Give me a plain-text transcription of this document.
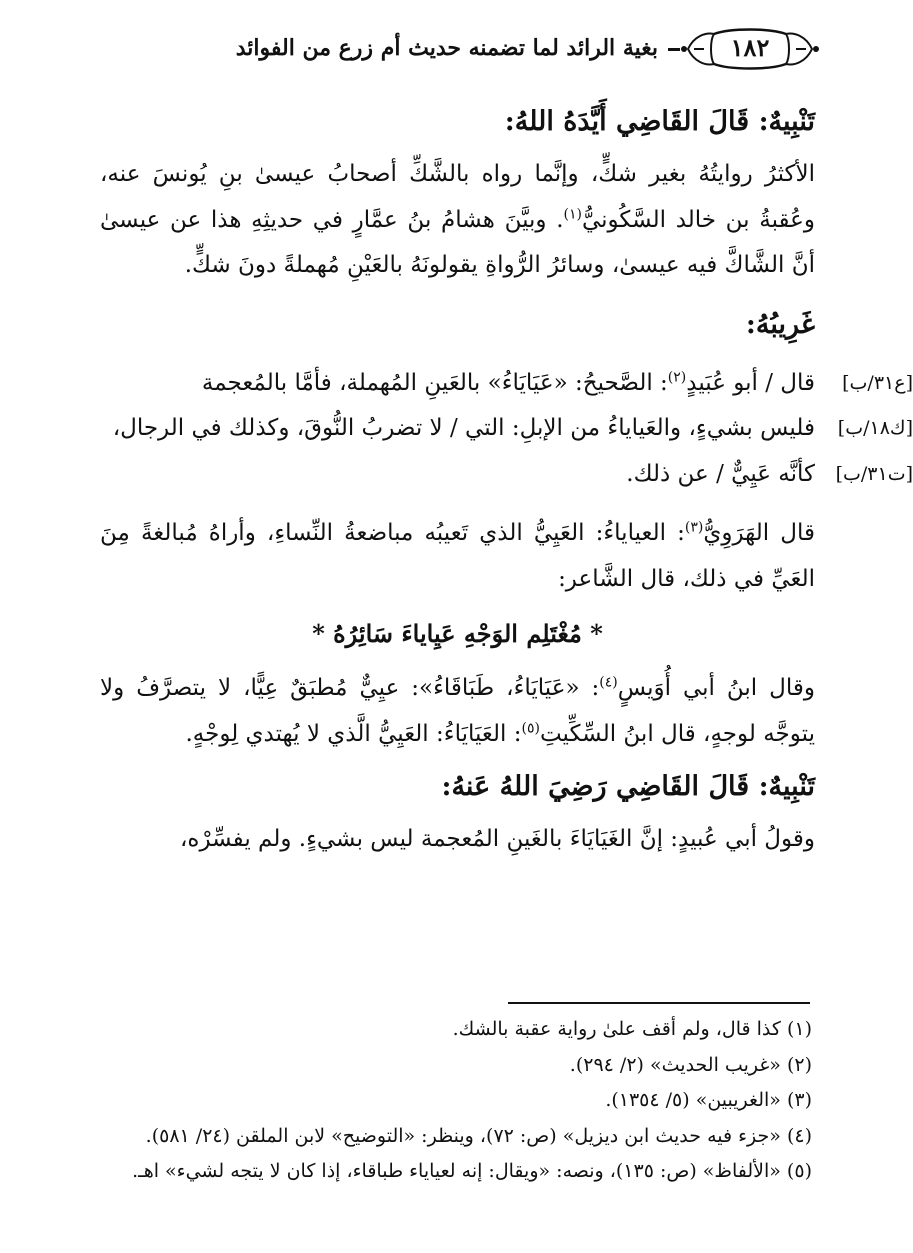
١٨٢
بغية الرائد لما تضمنه حديث أم زرع من الفوائد

تَنْبِيهٌ: قَالَ القَاضِي أَيَّدَهُ اللهُ:

الأكثرُ روايتُهُ بغير شكٍّ، وإنَّما رواه بالشَّكِّ أصحابُ عيسىٰ بنِ يُونسَ عنه، وعُقبةُ بن خالد السَّكُونيُّ$^{(١)}$. وبيَّنَ هشامُ بنُ عمَّارٍ في حديثِهِ هذا عن عيسىٰ أنَّ الشَّاكَّ فيه عيسىٰ، وسائرُ الرُّواةِ يقولونَهُ بالعَيْنِ مُهملةً دونَ شكٍّ.

غَرِيبُهُ:

[ع٣١/ب]
قال / أبو عُبَيدٍ$^{(٢)}$: الصَّحيحُ: «عَيَايَاءُ» بالعَينِ المُهملة، فأمَّا بالمُعجمة

[ك١٨/ب]
فليس بشيءٍ، والعَياياءُ من الإبلِ: التي / لا تضربُ النُّوقَ، وكذلك في الرجال،

[ت٣١/ب]
كأنَّه عَيِيٌّ / عن ذلك.

قال الهَرَوِيُّ$^{(٣)}$: العياياءُ: العَيِيُّ الذي تَعيبُه مباضعةُ النِّساءِ، وأراهُ مُبالغةً مِنَ العَيِّ في ذلك، قال الشَّاعر:

* مُغْتَلِم الوَجْهِ عَيِاياءَ سَائِرُهُ *

وقال ابنُ أبي أُوَيسٍ$^{(٤)}$: «عَيَايَاءُ، طَبَاقَاءُ»: عيِيٌّ مُطبَقٌ عِيًّا، لا يتصرَّفُ ولا يتوجَّه لوجهٍ، قال ابنُ السِّكِّيتِ$^{(٥)}$: العَيَايَاءُ: العَيِيُّ الَّذي لا يُهتدي لِوجْهٍ.

تَنْبِيهٌ: قَالَ القَاضِي رَضِيَ اللهُ عَنهُ:

وقولُ أبي عُبيدٍ: إنَّ الغَيَايَاءَ بالغَينِ المُعجمة ليس بشيءٍ. ولم يفسِّرْه،

(١) كذا قال، ولم أقف علىٰ رواية عقبة بالشك.

(٢) «غريب الحديث» (٢/ ٢٩٤).

(٣) «الغريبين» (٥/ ١٣٥٤).

(٤) «جزء فيه حديث ابن ديزيل» (ص: ٧٢)، وينظر: «التوضيح» لابن الملقن (٢٤/ ٥٨١).

(٥) «الألفاظ» (ص: ١٣٥)، ونصه: «ويقال: إنه لعياياء طباقاء، إذا كان لا يتجه لشيء» اهـ.
